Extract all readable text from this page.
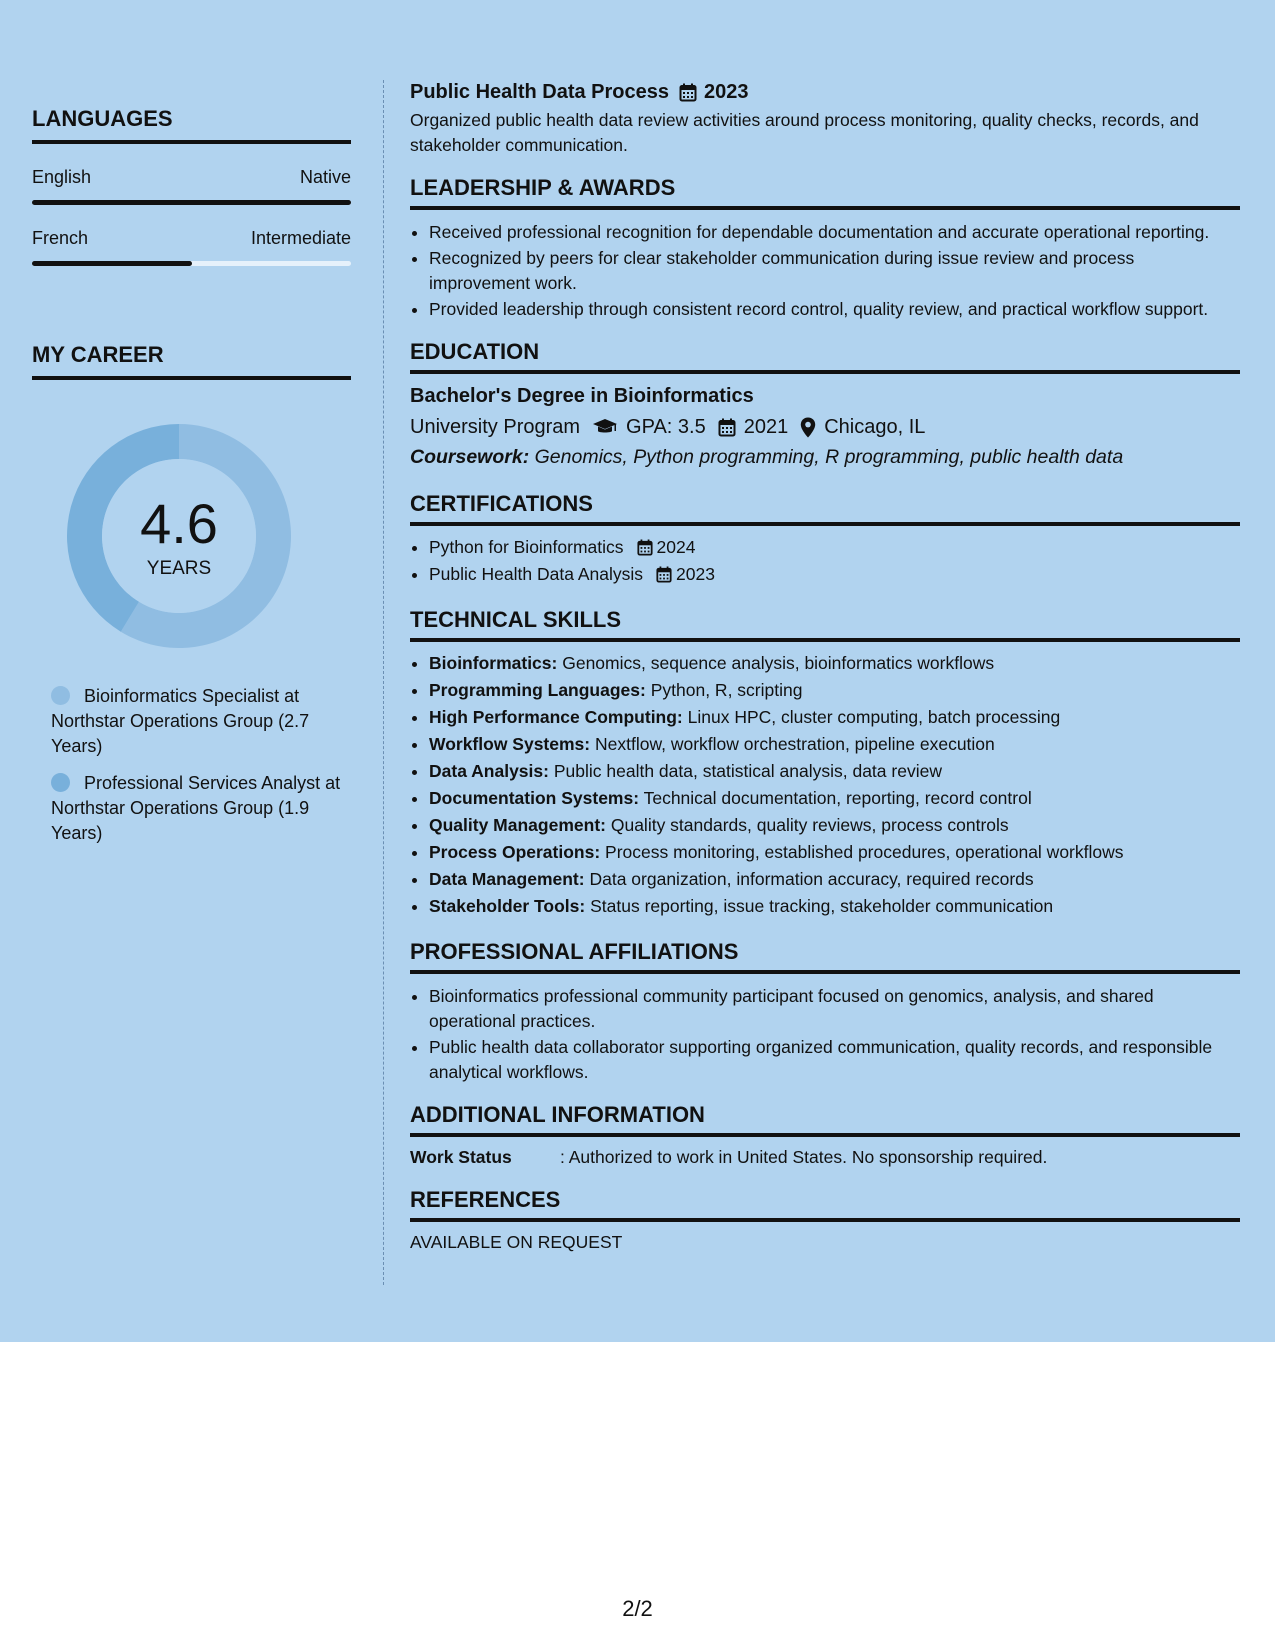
LANGUAGES
English	Native
French	Intermediate
MY CAREER
4.6
YEARS
Bioinformatics Specialist at Northstar Operations Group (2.7 Years)
Professional Services Analyst at Northstar Operations Group (1.9 Years)
Public Health Data Process 2023
Organized public health data review activities around process monitoring, quality checks, records, and stakeholder communication.
LEADERSHIP & AWARDS
• Received professional recognition for dependable documentation and accurate operational reporting.
• Recognized by peers for clear stakeholder communication during issue review and process improvement work.
• Provided leadership through consistent record control, quality review, and practical workflow support.
EDUCATION
Bachelor's Degree in Bioinformatics
University Program GPA: 3.5 2021 Chicago, IL
Coursework: Genomics, Python programming, R programming, public health data
CERTIFICATIONS
• Python for Bioinformatics 2024
• Public Health Data Analysis 2023
TECHNICAL SKILLS
• Bioinformatics: Genomics, sequence analysis, bioinformatics workflows
• Programming Languages: Python, R, scripting
• High Performance Computing: Linux HPC, cluster computing, batch processing
• Workflow Systems: Nextflow, workflow orchestration, pipeline execution
• Data Analysis: Public health data, statistical analysis, data review
• Documentation Systems: Technical documentation, reporting, record control
• Quality Management: Quality standards, quality reviews, process controls
• Process Operations: Process monitoring, established procedures, operational workflows
• Data Management: Data organization, information accuracy, required records
• Stakeholder Tools: Status reporting, issue tracking, stakeholder communication
PROFESSIONAL AFFILIATIONS
• Bioinformatics professional community participant focused on genomics, analysis, and shared operational practices.
• Public health data collaborator supporting organized communication, quality records, and responsible analytical workflows.
ADDITIONAL INFORMATION
Work Status	: Authorized to work in United States. No sponsorship required.
REFERENCES
AVAILABLE ON REQUEST
2/2
